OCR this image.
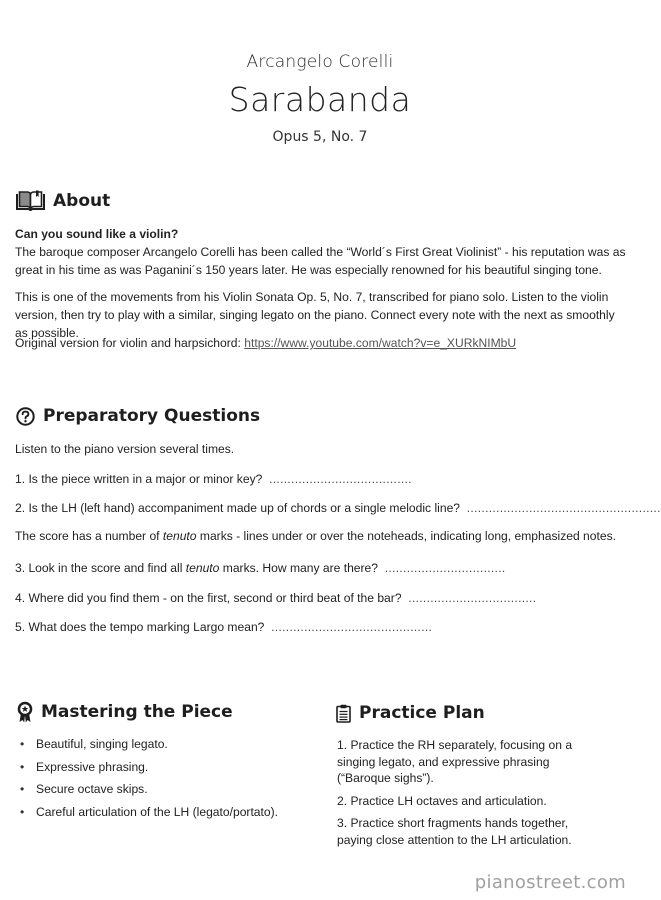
Arcangelo Corelli
Sarabanda
Opus 5, No. 7
About
Can you sound like a violin?
The baroque composer Arcangelo Corelli has been called the “World´s First Great Violinist” - his reputation was as great in his time as was Paganini´s 150 years later. He was especially renowned for his beautiful singing tone.
This is one of the movements from his Violin Sonata Op. 5, No. 7, transcribed for piano solo. Listen to the violin version, then try to play with a similar, singing legato on the piano. Connect every note with the next as smoothly as possible.
Original version for violin and harpsichord: https://www.youtube.com/watch?v=e_XURkNIMbU
Preparatory Questions
Listen to the piano version several times.
1. Is the piece written in a major or minor key? .......................................
2. Is the LH (left hand) accompaniment made up of chords or a single melodic line? .....................................................
The score has a number of tenuto marks - lines under or over the noteheads, indicating long, emphasized notes.
3. Look in the score and find all tenuto marks. How many are there? .................................
4. Where did you find them - on the first, second or third beat of the bar? ...................................
5. What does the tempo marking Largo mean? ............................................
Mastering the Piece
• Beautiful, singing legato.
• Expressive phrasing.
• Secure octave skips.
• Careful articulation of the LH (legato/portato).
Practice Plan

1. Practice the RH separately, focusing on a singing legato, and expressive phrasing (“Baroque sighs”).

2. Practice LH octaves and articulation.

3. Practice short fragments hands together, paying close attention to the LH articulation.

pianostreet.com
